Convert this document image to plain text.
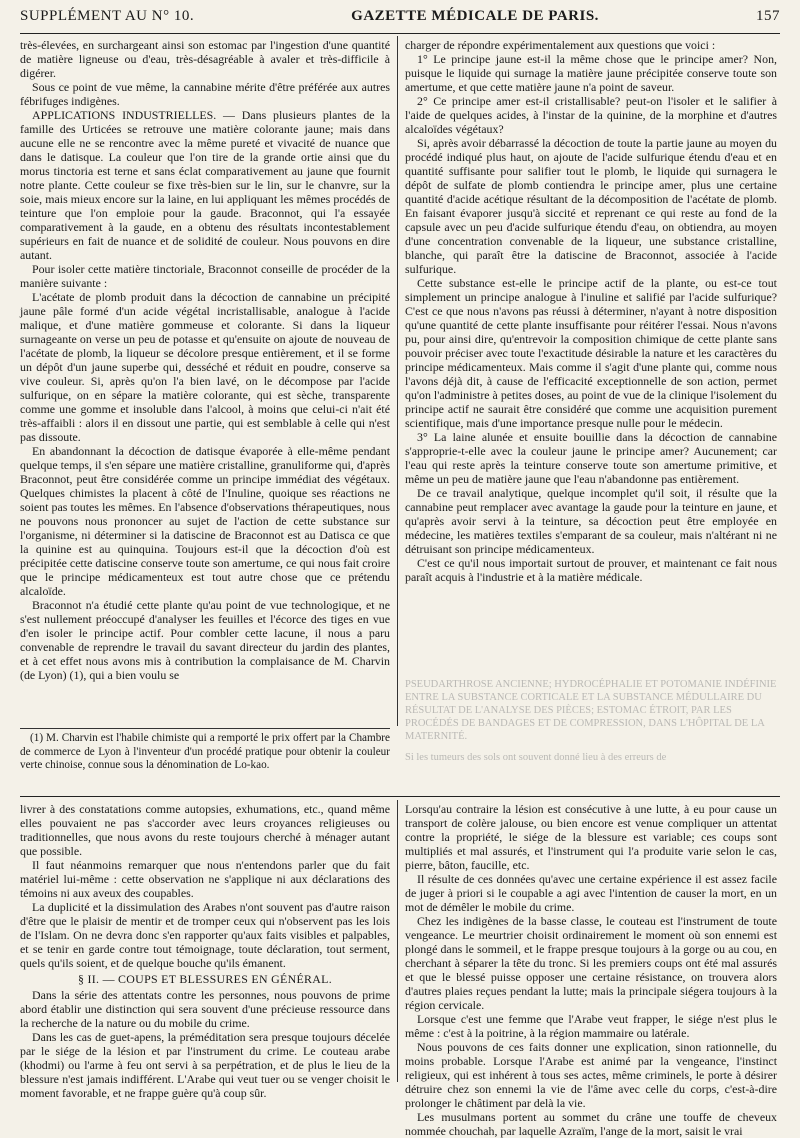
SUPPLÉMENT AU N° 10.	GAZETTE MÉDICALE DE PARIS.	157

très-élevées, en surchargeant ainsi son estomac par l'ingestion d'une quantité de matière ligneuse ou d'eau, très-désagréable à avaler et très-difficile à digérer.

Sous ce point de vue même, la cannabine mérite d'être préférée aux autres fébrifuges indigènes.

APPLICATIONS INDUSTRIELLES. — Dans plusieurs plantes de la famille des Urticées se retrouve une matière colorante jaune; mais dans aucune elle ne se rencontre avec la même pureté et vivacité de nuance que dans le datisque. La couleur que l'on tire de la grande ortie ainsi que du morus tinctoria est terne et sans éclat comparativement au jaune que fournit notre plante. Cette couleur se fixe très-bien sur le lin, sur le chanvre, sur la soie, mais mieux encore sur la laine, en lui appliquant les mêmes procédés de teinture que l'on emploie pour la gaude. Braconnot, qui l'a essayée comparativement à la gaude, en a obtenu des résultats incontestablement supérieurs en fait de nuance et de solidité de couleur. Nous pouvons en dire autant.

Pour isoler cette matière tinctoriale, Braconnot conseille de procéder de la manière suivante :

L'acétate de plomb produit dans la décoction de cannabine un précipité jaune pâle formé d'un acide végétal incristallisable, analogue à l'acide malique, et d'une matière gommeuse et colorante. Si dans la liqueur surnageante on verse un peu de potasse et qu'ensuite on ajoute de nouveau de l'acétate de plomb, la liqueur se décolore presque entièrement, et il se forme un dépôt d'un jaune superbe qui, desséché et réduit en poudre, conserve sa vive couleur. Si, après qu'on l'a bien lavé, on le décompose par l'acide sulfurique, on en sépare la matière colorante, qui est sèche, transparente comme une gomme et insoluble dans l'alcool, à moins que celui-ci n'ait été très-affaibli : alors il en dissout une partie, qui est semblable à celle qui n'est pas dissoute.

En abandonnant la décoction de datisque évaporée à elle-même pendant quelque temps, il s'en sépare une matière cristalline, granuliforme qui, d'après Braconnot, peut être considérée comme un principe immédiat des végétaux. Quelques chimistes la placent à côté de l'Inuline, quoique ses réactions ne soient pas toutes les mêmes. En l'absence d'observations thérapeutiques, nous ne pouvons nous prononcer au sujet de l'action de cette substance sur l'organisme, ni déterminer si la datiscine de Braconnot est au Datisca ce que la quinine est au quinquina. Toujours est-il que la décoction d'où est précipitée cette datiscine conserve toute son amertume, ce qui nous fait croire que le principe médicamenteux est tout autre chose que ce prétendu alcaloïde.

Braconnot n'a étudié cette plante qu'au point de vue technologique, et ne s'est nullement préoccupé d'analyser les feuilles et l'écorce des tiges en vue d'en isoler le principe actif. Pour combler cette lacune, il nous a paru convenable de reprendre le travail du savant directeur du jardin des plantes, et à cet effet nous avons mis à contribution la complaisance de M. Charvin (de Lyon) (1), qui a bien voulu se

charger de répondre expérimentalement aux questions que voici :

1° Le principe jaune est-il la même chose que le principe amer? Non, puisque le liquide qui surnage la matière jaune précipitée conserve toute son amertume, et que cette matière jaune n'a point de saveur.

2° Ce principe amer est-il cristallisable? peut-on l'isoler et le salifier à l'aide de quelques acides, à l'instar de la quinine, de la morphine et d'autres alcaloïdes végétaux?

Si, après avoir débarrassé la décoction de toute la partie jaune au moyen du procédé indiqué plus haut, on ajoute de l'acide sulfurique étendu d'eau et en quantité suffisante pour salifier tout le plomb, le liquide qui surnagera le dépôt de sulfate de plomb contiendra le principe amer, plus une certaine quantité d'acide acétique résultant de la décomposition de l'acétate de plomb. En faisant évaporer jusqu'à siccité et reprenant ce qui reste au fond de la capsule avec un peu d'acide sulfurique étendu d'eau, on obtiendra, au moyen d'une concentration convenable de la liqueur, une substance cristalline, blanche, qui paraît être la datiscine de Braconnot, associée à l'acide sulfurique.

Cette substance est-elle le principe actif de la plante, ou est-ce tout simplement un principe analogue à l'inuline et salifié par l'acide sulfurique? C'est ce que nous n'avons pas réussi à déterminer, n'ayant à notre disposition qu'une quantité de cette plante insuffisante pour réitérer l'essai. Nous n'avons pu, pour ainsi dire, qu'entrevoir la composition chimique de cette plante sans pouvoir préciser avec toute l'exactitude désirable la nature et les caractères du principe médicamenteux. Mais comme il s'agit d'une plante qui, comme nous l'avons déjà dit, à cause de l'efficacité exceptionnelle de son action, permet qu'on l'administre à petites doses, au point de vue de la clinique l'isolement du principe actif ne saurait être considéré que comme une acquisition purement scientifique, mais d'une importance presque nulle pour le médecin.

3° La laine alunée et ensuite bouillie dans la décoction de cannabine s'approprie-t-elle avec la couleur jaune le principe amer? Aucunement; car l'eau qui reste après la teinture conserve toute son amertume primitive, et même un peu de matière jaune que l'eau n'abandonne pas entièrement.

De ce travail analytique, quelque incomplet qu'il soit, il résulte que la cannabine peut remplacer avec avantage la gaude pour la teinture en jaune, et qu'après avoir servi à la teinture, sa décoction peut être employée en médecine, les matières textiles s'emparant de sa couleur, mais n'altérant ni ne détruisant son principe médicamenteux.

C'est ce qu'il nous importait surtout de prouver, et maintenant ce fait nous paraît acquis à l'industrie et à la matière médicale.

PSEUDARTHROSE ANCIENNE; HYDROCÉPHALIE ET POTOMANIE INDÉFINIE ENTRE LA SUBSTANCE CORTICALE ET LA SUBSTANCE MÉDULLAIRE DU RÉSULTAT DE L'ANALYSE DES PIÈCES; ESTOMAC ÉTROIT, PAR LES PROCÉDÉS DE BANDAGES ET DE COMPRESSION, DANS L'HÔPITAL DE LA MATERNITÉ.

Si les tumeurs des sols ont souvent donné lieu à des erreurs de

(1) M. Charvin est l'habile chimiste qui a remporté le prix offert par la Chambre de commerce de Lyon à l'inventeur d'un procédé pratique pour obtenir la couleur verte chinoise, connue sous la dénomination de Lo-kao.

livrer à des constatations comme autopsies, exhumations, etc., quand même elles pouvaient ne pas s'accorder avec leurs croyances religieuses ou traditionnelles, que nous avons du reste toujours cherché à ménager autant que possible.

Il faut néanmoins remarquer que nous n'entendons parler que du fait matériel lui-même : cette observation ne s'applique ni aux déclarations des témoins ni aux aveux des coupables.

La duplicité et la dissimulation des Arabes n'ont souvent pas d'autre raison d'être que le plaisir de mentir et de tromper ceux qui n'observent pas les lois de l'Islam. On ne devra donc s'en rapporter qu'aux faits visibles et palpables, et se tenir en garde contre tout témoignage, toute déclaration, tout serment, quels qu'ils soient, et de quelque bouche qu'ils émanent.

§ II. — COUPS ET BLESSURES EN GÉNÉRAL.

Dans la série des attentats contre les personnes, nous pouvons de prime abord établir une distinction qui sera souvent d'une précieuse ressource dans la recherche de la nature ou du mobile du crime.

Dans les cas de guet-apens, la préméditation sera presque toujours décelée par le siége de la lésion et par l'instrument du crime. Le couteau arabe (khodmi) ou l'arme à feu ont servi à sa perpétration, et de plus le lieu de la blessure n'est jamais indifférent. L'Arabe qui veut tuer ou se venger choisit le moment favorable, et ne frappe guère qu'à coup sûr.

Lorsqu'au contraire la lésion est consécutive à une lutte, à eu pour cause un transport de colère jalouse, ou bien encore est venue compliquer un attentat contre la propriété, le siége de la blessure est variable; ces coups sont multipliés et mal assurés, et l'instrument qui l'a produite varie selon le cas, pierre, bâton, faucille, etc.

Il résulte de ces données qu'avec une certaine expérience il est assez facile de juger à priori si le coupable a agi avec l'intention de causer la mort, en un mot de démêler le mobile du crime.

Chez les indigènes de la basse classe, le couteau est l'instrument de toute vengeance. Le meurtrier choisit ordinairement le moment où son ennemi est plongé dans le sommeil, et le frappe presque toujours à la gorge ou au cou, en cherchant à séparer la tête du tronc. Si les premiers coups ont été mal assurés et que le blessé puisse opposer une certaine résistance, on trouvera alors d'autres plaies reçues pendant la lutte; mais la principale siégera toujours à la région cervicale.

Lorsque c'est une femme que l'Arabe veut frapper, le siége n'est plus le même : c'est à la poitrine, à la région mammaire ou latérale.

Nous pouvons de ces faits donner une explication, sinon rationnelle, du moins probable. Lorsque l'Arabe est animé par la vengeance, l'instinct religieux, qui est inhérent à tous ses actes, même criminels, le porte à désirer détruire chez son ennemi la vie de l'âme avec celle du corps, c'est-à-dire prolonger le châtiment par delà la vie.

Les musulmans portent au sommet du crâne une touffe de cheveux nommée chouchah, par laquelle Azraïm, l'ange de la mort, saisit le vrai
